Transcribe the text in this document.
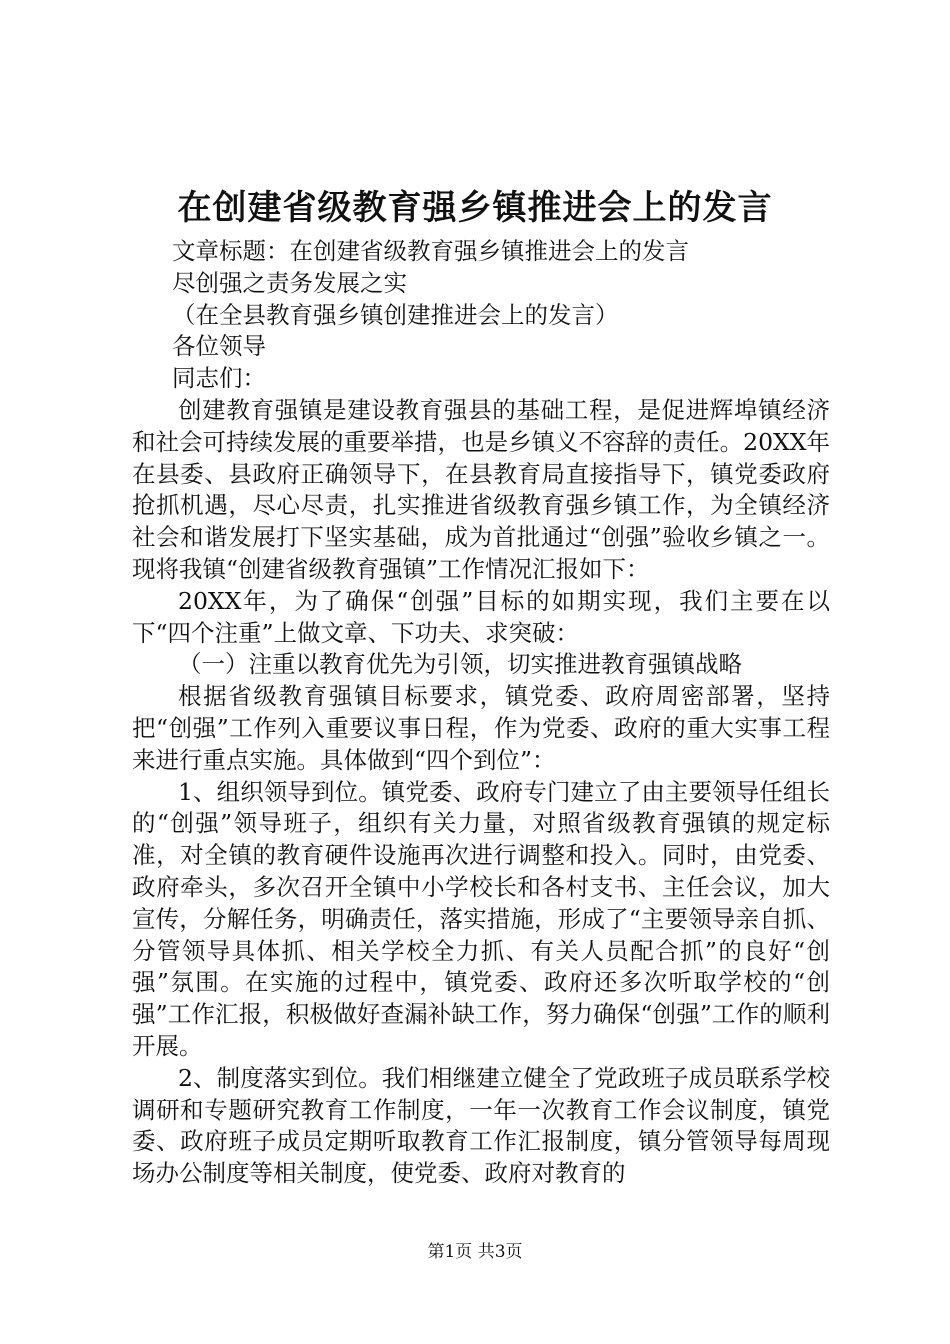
在创建省级教育强乡镇推进会上的发言

文章标题：在创建省级教育强乡镇推进会上的发言

尽创强之责务发展之实

（在全县教育强乡镇创建推进会上的发言）

各位领导

同志们：

创建教育强镇是建设教育强县的基础工程，是促进辉埠镇经济和社会可持续发展的重要举措，也是乡镇义不容辞的责任。20XX年在县委、县政府正确领导下，在县教育局直接指导下，镇党委政府抢抓机遇，尽心尽责，扎实推进省级教育强乡镇工作，为全镇经济社会和谐发展打下坚实基础，成为首批通过“创强”验收乡镇之一。现将我镇“创建省级教育强镇”工作情况汇报如下：

20XX年，为了确保“创强”目标的如期实现，我们主要在以下“四个注重”上做文章、下功夫、求突破：

（一）注重以教育优先为引领，切实推进教育强镇战略

根据省级教育强镇目标要求，镇党委、政府周密部署，坚持把“创强”工作列入重要议事日程，作为党委、政府的重大实事工程来进行重点实施。具体做到“四个到位”：

1、组织领导到位。镇党委、政府专门建立了由主要领导任组长的“创强”领导班子，组织有关力量，对照省级教育强镇的规定标准，对全镇的教育硬件设施再次进行调整和投入。同时，由党委、政府牵头，多次召开全镇中小学校长和各村支书、主任会议，加大宣传，分解任务，明确责任，落实措施，形成了“主要领导亲自抓、分管领导具体抓、相关学校全力抓、有关人员配合抓”的良好“创强”氛围。在实施的过程中，镇党委、政府还多次听取学校的“创强”工作汇报，积极做好查漏补缺工作，努力确保“创强”工作的顺利开展。

2、制度落实到位。我们相继建立健全了党政班子成员联系学校调研和专题研究教育工作制度，一年一次教育工作会议制度，镇党委、政府班子成员定期听取教育工作汇报制度，镇分管领导每周现场办公制度等相关制度，使党委、政府对教育的

第1页 共3页
